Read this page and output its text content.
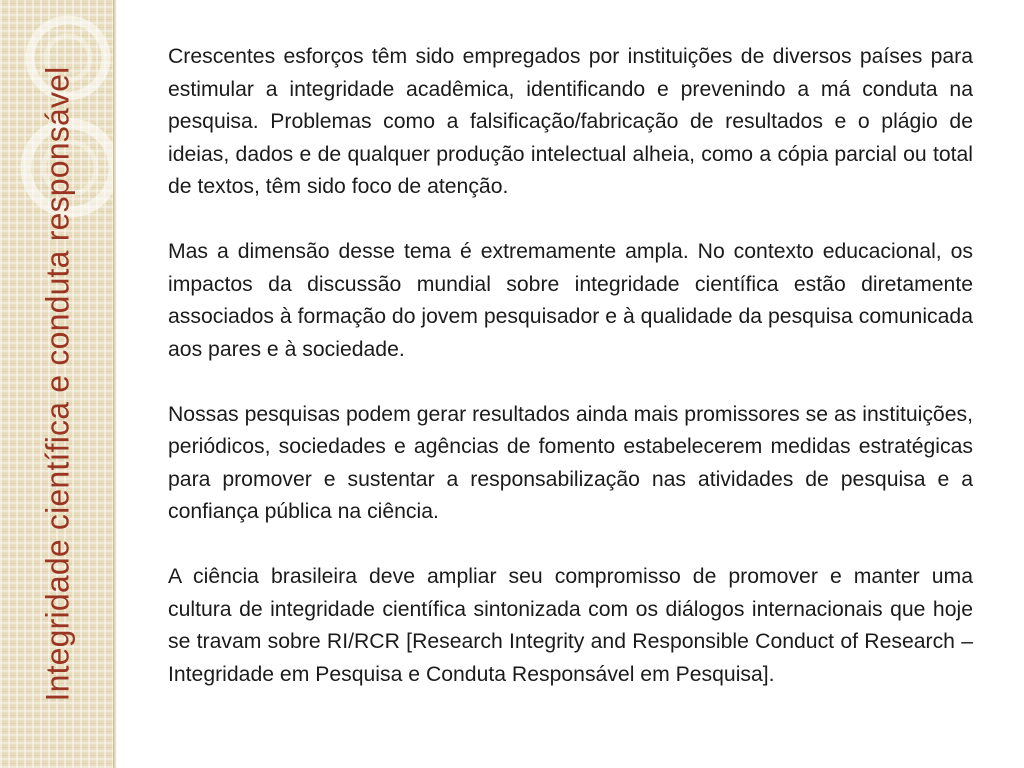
Integridade científica e conduta responsável

Crescentes esforços têm sido empregados por instituições de diversos países para estimular a integridade acadêmica, identificando e prevenindo a má conduta na pesquisa. Problemas como a falsificação/fabricação de resultados e o plágio de ideias, dados e de qualquer produção intelectual alheia, como a cópia parcial ou total de textos, têm sido foco de atenção.

Mas a dimensão desse tema é extremamente ampla. No contexto educacional, os impactos da discussão mundial sobre integridade científica estão diretamente associados à formação do jovem pesquisador e à qualidade da pesquisa comunicada aos pares e à sociedade.

Nossas pesquisas podem gerar resultados ainda mais promissores se as instituições, periódicos, sociedades e agências de fomento estabelecerem medidas estratégicas para promover e sustentar a responsabilização nas atividades de pesquisa e a confiança pública na ciência.

A ciência brasileira deve ampliar seu compromisso de promover e manter uma cultura de integridade científica sintonizada com os diálogos internacionais que hoje se travam sobre RI/RCR [Research Integrity and Responsible Conduct of Research – Integridade em Pesquisa e Conduta Responsável em Pesquisa].
